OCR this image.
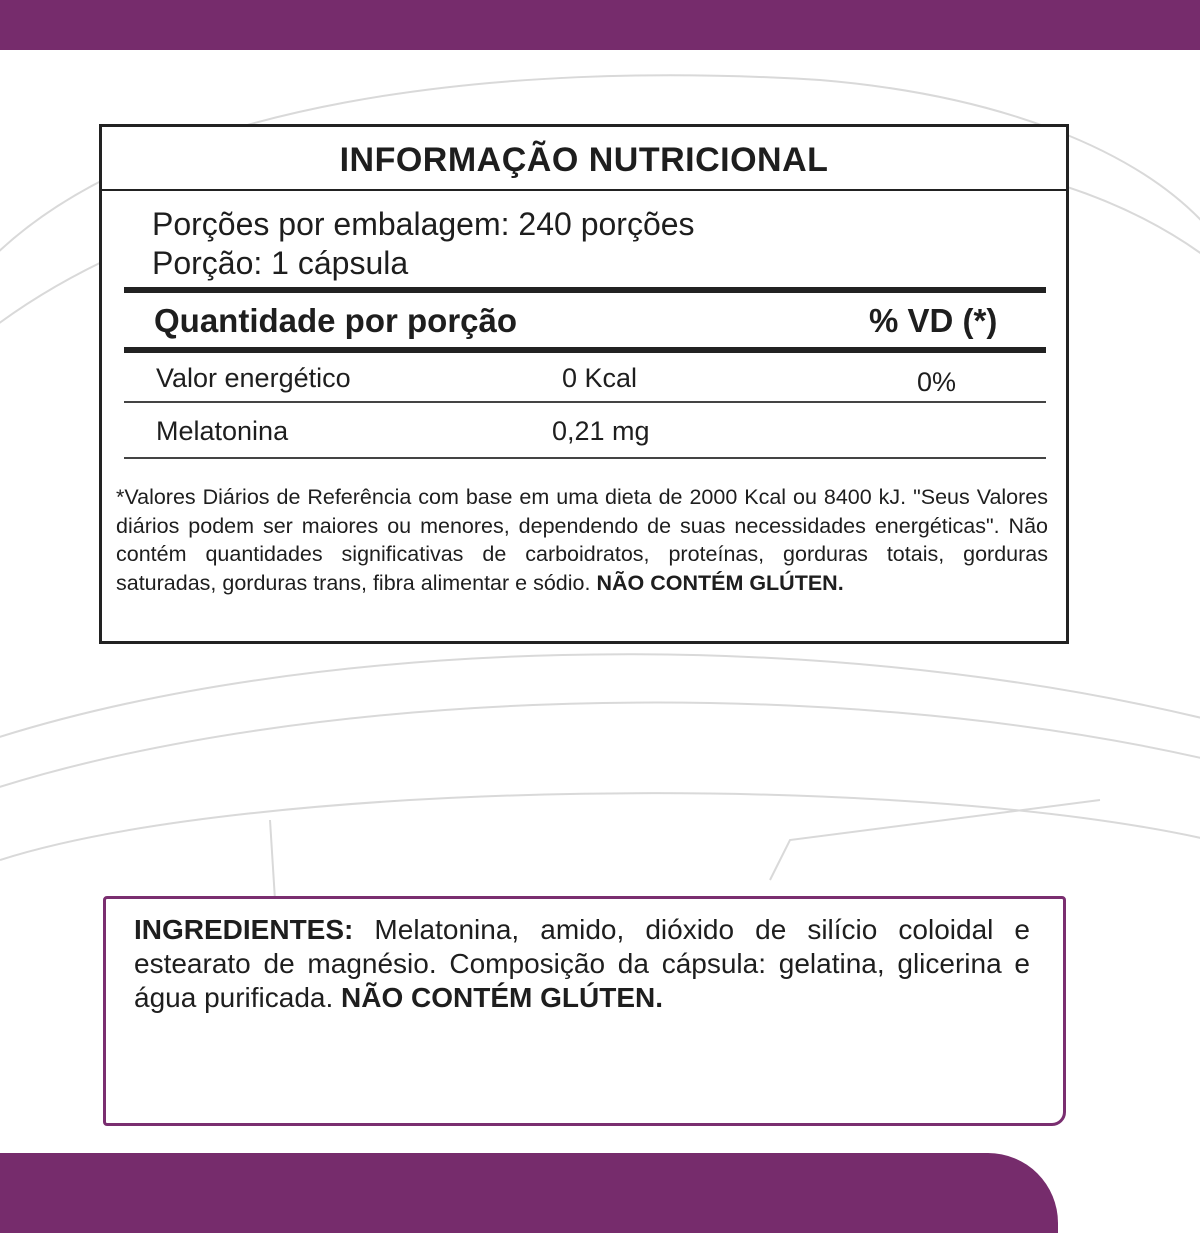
INFORMAÇÃO NUTRICIONAL
Porções por embalagem: 240 porções
Porção: 1 cápsula
Quantidade por porção	% VD (*)
Valor energético	0 Kcal	0%
Melatonina	0,21 mg
*Valores Diários de Referência com base em uma dieta de 2000 Kcal ou 8400 kJ. "Seus Valores diários podem ser maiores ou menores, dependendo de suas necessidades energéticas". Não contém quantidades significativas de carboidratos, proteínas, gorduras totais, gorduras saturadas, gorduras trans, fibra alimentar e sódio. NÃO CONTÉM GLÚTEN.
INGREDIENTES: Melatonina, amido, dióxido de silício coloidal e estearato de magnésio. Composição da cápsula: gelatina, glicerina e água purificada. NÃO CONTÉM GLÚTEN.
